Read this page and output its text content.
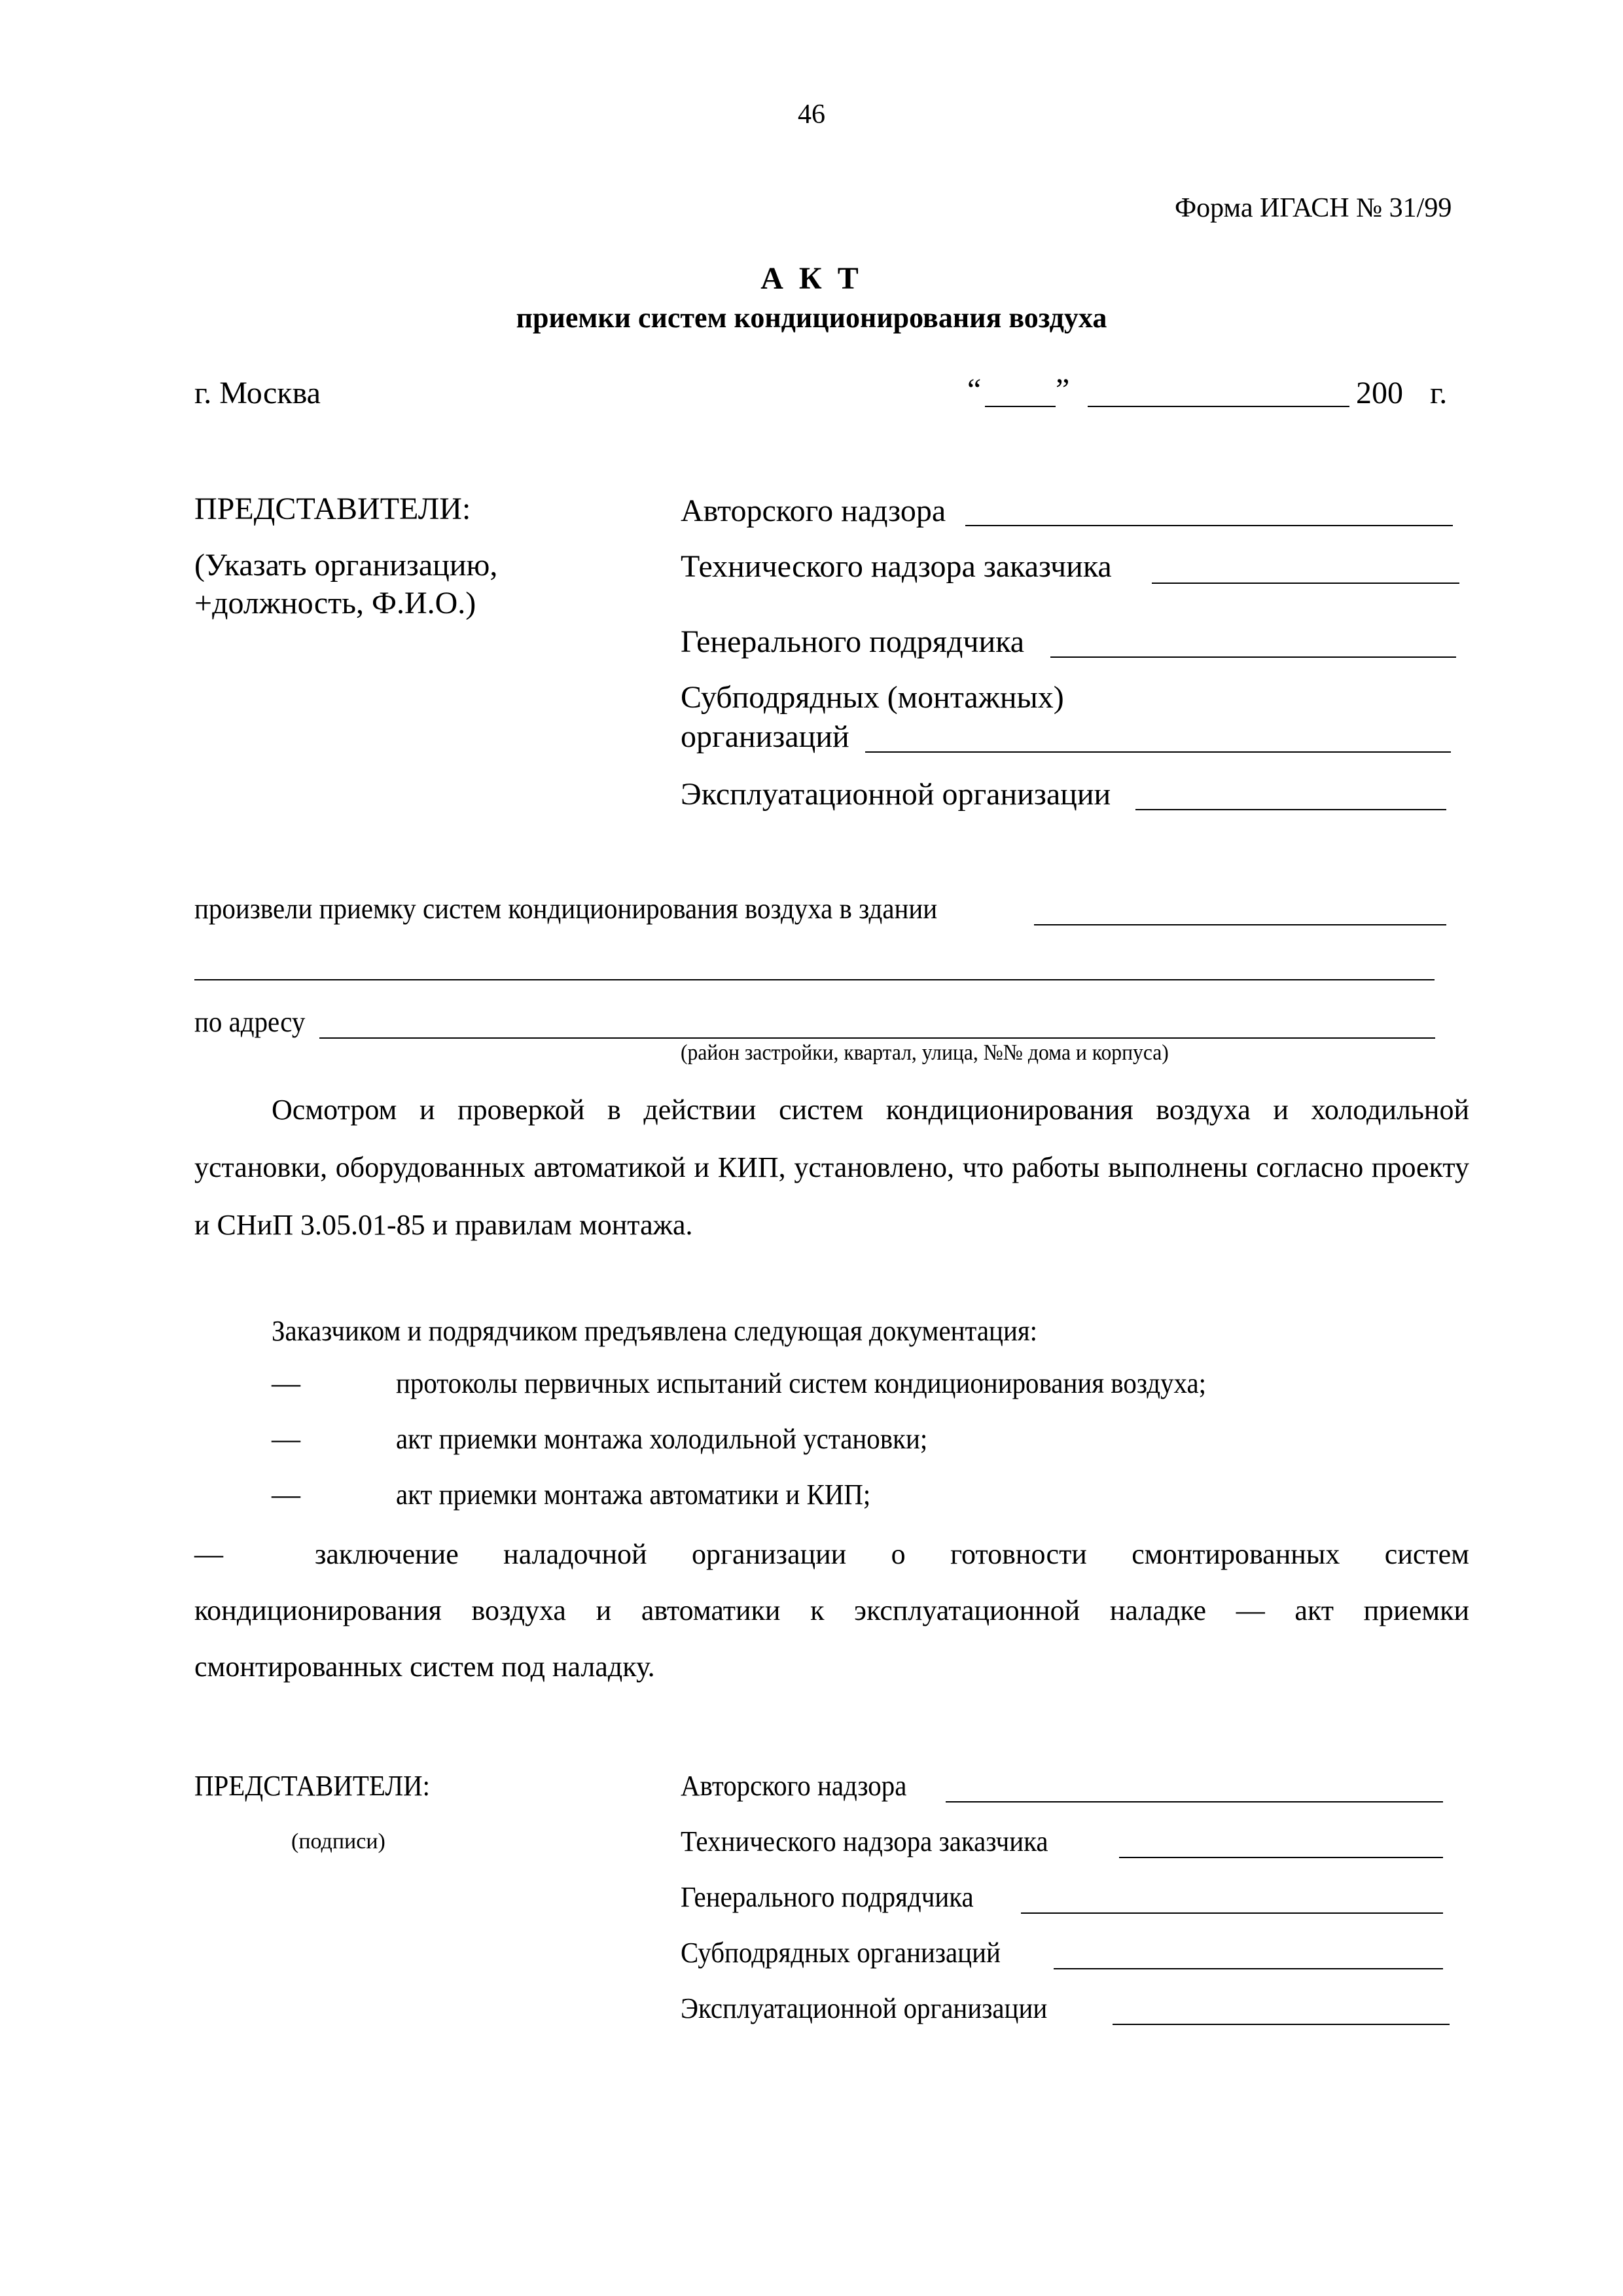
46
Форма ИГАСН № 31/99
А К Т
приемки систем кондиционирования воздуха
г. Москва	“ ”	200 г.
ПРЕДСТАВИТЕЛИ:
(Указать организацию,
+должность, Ф.И.О.)
Авторского надзора
Технического надзора заказчика
Генерального подрядчика
Субподрядных (монтажных)
организаций
Эксплуатационной организации
произвели приемку систем кондиционирования воздуха в здании
по адресу
(район застройки, квартал, улица, №№ дома и корпуса)
Осмотром и проверкой в действии систем кондиционирования воздуха и холодильной установки, оборудованных автоматикой и КИП, установлено, что работы выполнены согласно проекту и СНиП 3.05.01-85 и правилам монтажа.
Заказчиком и подрядчиком предъявлена следующая документация:
—	протоколы первичных испытаний систем кондиционирования воздуха;
—	акт приемки монтажа холодильной установки;
—	акт приемки монтажа автоматики и КИП;
—	заключение наладочной организации о готовности смонтированных систем кондиционирования воздуха и автоматики к эксплуатационной наладке — акт приемки смонтированных систем под наладку.
ПРЕДСТАВИТЕЛИ:
(подписи)
Авторского надзора
Технического надзора заказчика
Генерального подрядчика
Субподрядных организаций
Эксплуатационной организации
